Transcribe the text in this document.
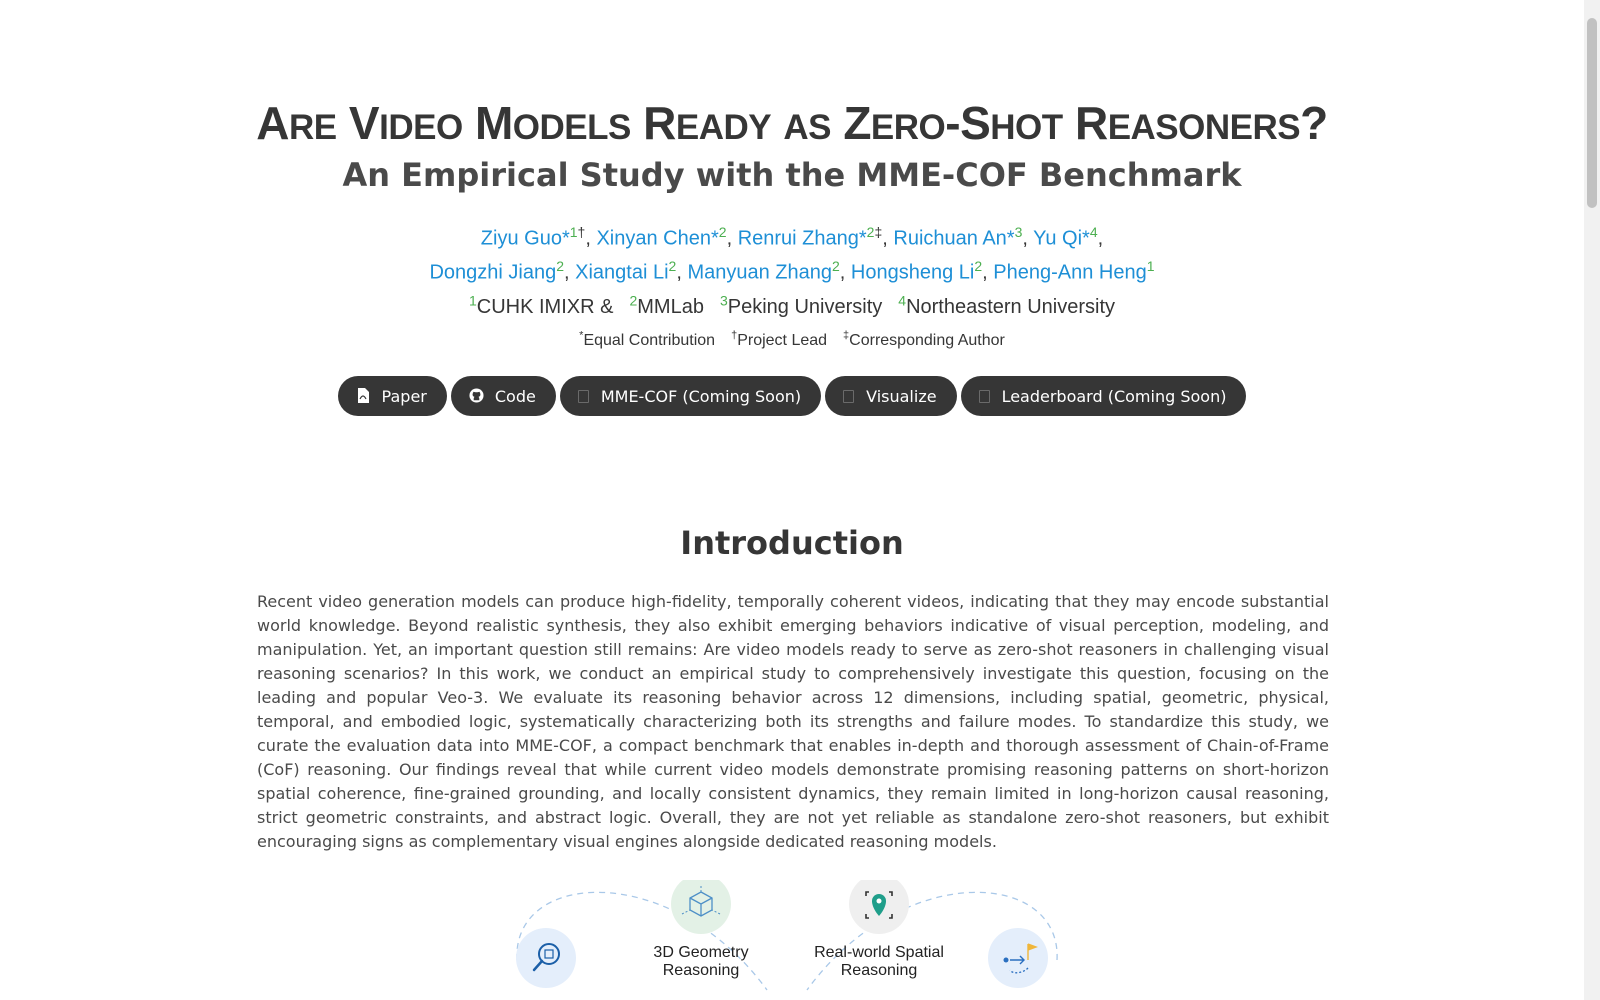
ARE VIDEO MODELS READY AS ZERO-SHOT REASONERS?
An Empirical Study with the MME-COF Benchmark
Ziyu Guo*$^{1\dagger}$, Xinyan Chen*$^2$, Renrui Zhang*$^{2\ddagger}$, Ruichuan An*$^3$, Yu Qi*$^4$,
Dongzhi Jiang$^2$, Xiangtai Li$^2$, Manyuan Zhang$^2$, Hongsheng Li$^2$, Pheng-Ann Heng$^1$
$^1$CUHK IMIXR & $^2$MMLab $^3$Peking University $^4$Northeastern University
*Equal Contribution †Project Lead ‡Corresponding Author
Paper	Code	MME-COF (Coming Soon)	Visualize	Leaderboard (Coming Soon)
Introduction

Recent video generation models can produce high-fidelity, temporally coherent videos, indicating that they may encode substantial world knowledge. Beyond realistic synthesis, they also exhibit emerging behaviors indicative of visual perception, modeling, and manipulation. Yet, an important question still remains: Are video models ready to serve as zero-shot reasoners in challenging visual reasoning scenarios? In this work, we conduct an empirical study to comprehensively investigate this question, focusing on the leading and popular Veo-3. We evaluate its reasoning behavior across 12 dimensions, including spatial, geometric, physical, temporal, and embodied logic, systematically characterizing both its strengths and failure modes. To standardize this study, we curate the evaluation data into MME-COF, a compact benchmark that enables in-depth and thorough assessment of Chain-of-Frame (CoF) reasoning. Our findings reveal that while current video models demonstrate promising reasoning patterns on short-horizon spatial coherence, fine-grained grounding, and locally consistent dynamics, they remain limited in long-horizon causal reasoning, strict geometric constraints, and abstract logic. Overall, they are not yet reliable as standalone zero-shot reasoners, but exhibit encouraging signs as complementary visual engines alongside dedicated reasoning models.

3D Geometry
Reasoning
Real-world Spatial
Reasoning
